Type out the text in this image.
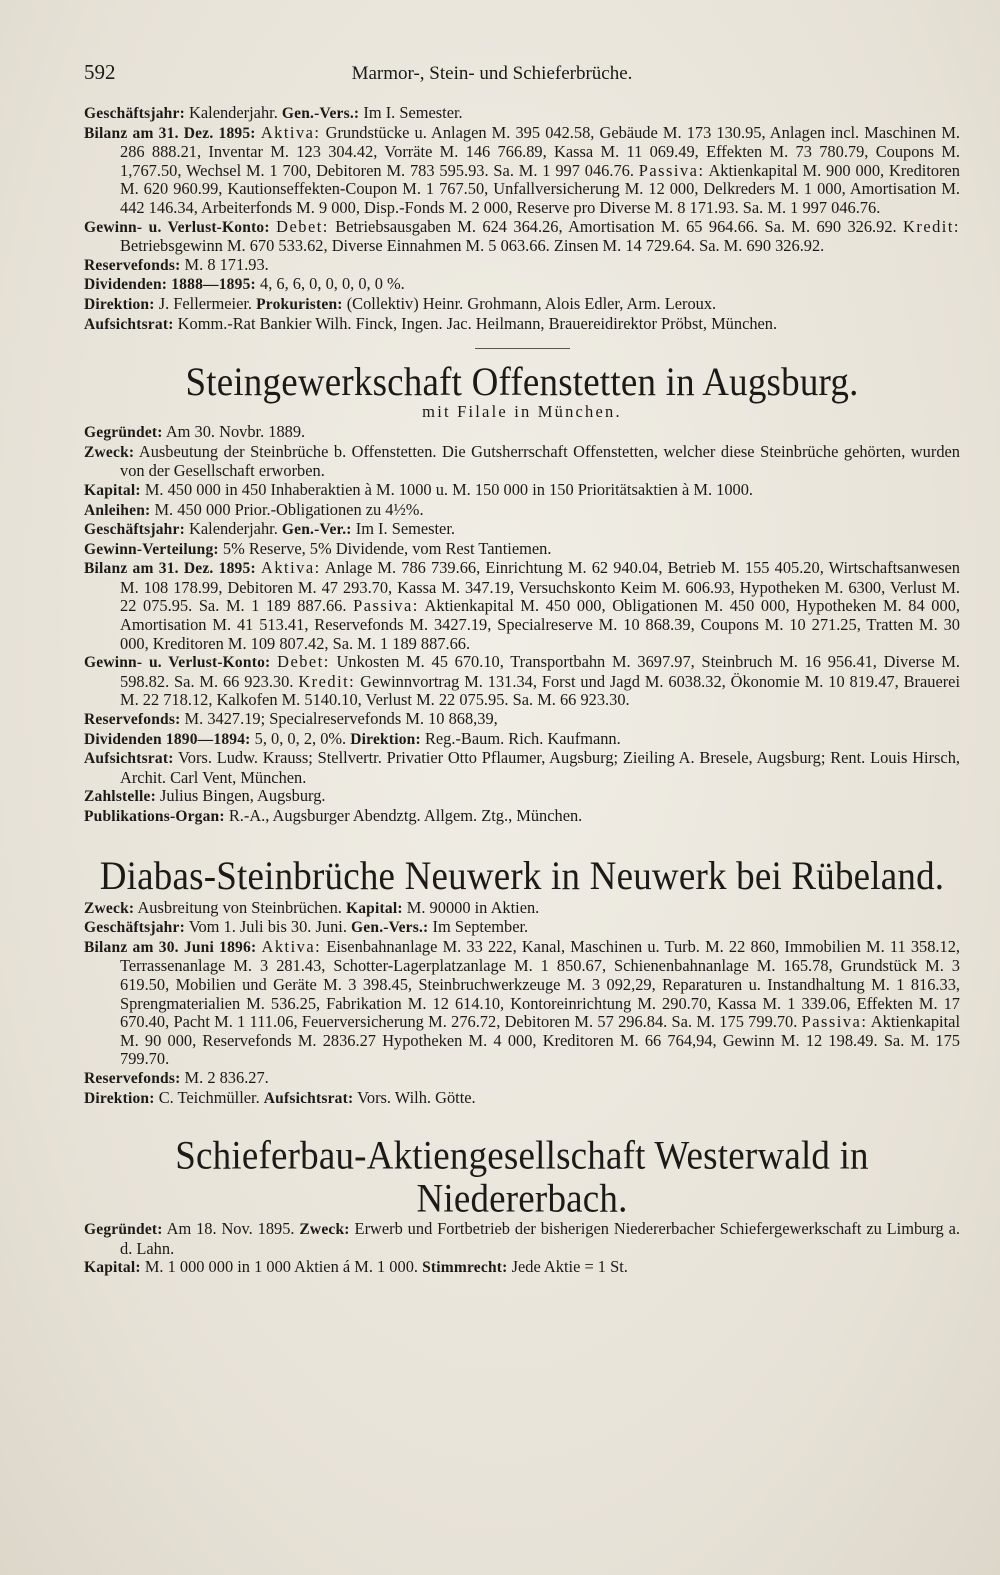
592	Marmor-, Stein- und Schieferbrüche.

Geschäftsjahr: Kalenderjahr. Gen.-Vers.: Im I. Semester.

Bilanz am 31. Dez. 1895: Aktiva: Grundstücke u. Anlagen M. 395 042.58, Gebäude M. 173 130.95, Anlagen incl. Maschinen M. 286 888.21, Inventar M. 123 304.42, Vorräte M. 146 766.89, Kassa M. 11 069.49, Effekten M. 73 780.79, Coupons M. 1,767.50, Wechsel M. 1 700, Debitoren M. 783 595.93. Sa. M. 1 997 046.76. Passiva: Aktienkapital M. 900 000, Kreditoren M. 620 960.99, Kautionseffekten-Coupon M. 1 767.50, Unfallversicherung M. 12 000, Delkreders M. 1 000, Amortisation M. 442 146.34, Arbeiterfonds M. 9 000, Disp.-Fonds M. 2 000, Reserve pro Diverse M. 8 171.93. Sa. M. 1 997 046.76.

Gewinn- u. Verlust-Konto: Debet: Betriebsausgaben M. 624 364.26, Amortisation M. 65 964.66. Sa. M. 690 326.92. Kredit: Betriebsgewinn M. 670 533.62, Diverse Einnahmen M. 5 063.66. Zinsen M. 14 729.64. Sa. M. 690 326.92.

Reservefonds: M. 8 171.93.

Dividenden: 1888—1895: 4, 6, 6, 0, 0, 0, 0, 0 %.

Direktion: J. Fellermeier. Prokuristen: (Collektiv) Heinr. Grohmann, Alois Edler, Arm. Leroux.

Aufsichtsrat: Komm.-Rat Bankier Wilh. Finck, Ingen. Jac. Heilmann, Brauereidirektor Pröbst, München.

Steingewerkschaft Offenstetten in Augsburg.

mit Filale in München.

Gegründet: Am 30. Novbr. 1889.

Zweck: Ausbeutung der Steinbrüche b. Offenstetten. Die Gutsherrschaft Offenstetten, welcher diese Steinbrüche gehörten, wurden von der Gesellschaft erworben.

Kapital: M. 450 000 in 450 Inhaberaktien à M. 1000 u. M. 150 000 in 150 Prioritätsaktien à M. 1000.

Anleihen: M. 450 000 Prior.-Obligationen zu 4½%.

Geschäftsjahr: Kalenderjahr. Gen.-Ver.: Im I. Semester.

Gewinn-Verteilung: 5% Reserve, 5% Dividende, vom Rest Tantiemen.

Bilanz am 31. Dez. 1895: Aktiva: Anlage M. 786 739.66, Einrichtung M. 62 940.04, Betrieb M. 155 405.20, Wirtschaftsanwesen M. 108 178.99, Debitoren M. 47 293.70, Kassa M. 347.19, Versuchskonto Keim M. 606.93, Hypotheken M. 6300, Verlust M. 22 075.95. Sa. M. 1 189 887.66. Passiva: Aktienkapital M. 450 000, Obligationen M. 450 000, Hypotheken M. 84 000, Amortisation M. 41 513.41, Reservefonds M. 3427.19, Specialreserve M. 10 868.39, Coupons M. 10 271.25, Tratten M. 30 000, Kreditoren M. 109 807.42, Sa. M. 1 189 887.66.

Gewinn- u. Verlust-Konto: Debet: Unkosten M. 45 670.10, Transportbahn M. 3697.97, Steinbruch M. 16 956.41, Diverse M. 598.82. Sa. M. 66 923.30. Kredit: Gewinnvortrag M. 131.34, Forst und Jagd M. 6038.32, Ökonomie M. 10 819.47, Brauerei M. 22 718.12, Kalkofen M. 5140.10, Verlust M. 22 075.95. Sa. M. 66 923.30.

Reservefonds: M. 3427.19; Specialreservefonds M. 10 868,39,

Dividenden 1890—1894: 5, 0, 0, 2, 0%. Direktion: Reg.-Baum. Rich. Kaufmann.

Aufsichtsrat: Vors. Ludw. Krauss; Stellvertr. Privatier Otto Pflaumer, Augsburg; Zieiling A. Bresele, Augsburg; Rent. Louis Hirsch, Archit. Carl Vent, München.

Zahlstelle: Julius Bingen, Augsburg.

Publikations-Organ: R.-A., Augsburger Abendztg. Allgem. Ztg., München.

Diabas-Steinbrüche Neuwerk in Neuwerk bei Rübeland.

Zweck: Ausbreitung von Steinbrüchen. Kapital: M. 90000 in Aktien.

Geschäftsjahr: Vom 1. Juli bis 30. Juni. Gen.-Vers.: Im September.

Bilanz am 30. Juni 1896: Aktiva: Eisenbahnanlage M. 33 222, Kanal, Maschinen u. Turb. M. 22 860, Immobilien M. 11 358.12, Terrassenanlage M. 3 281.43, Schotter-Lagerplatzanlage M. 1 850.67, Schienenbahnanlage M. 165.78, Grundstück M. 3 619.50, Mobilien und Geräte M. 3 398.45, Steinbruchwerkzeuge M. 3 092,29, Reparaturen u. Instandhaltung M. 1 816.33, Sprengmaterialien M. 536.25, Fabrikation M. 12 614.10, Kontoreinrichtung M. 290.70, Kassa M. 1 339.06, Effekten M. 17 670.40, Pacht M. 1 111.06, Feuerversicherung M. 276.72, Debitoren M. 57 296.84. Sa. M. 175 799.70. Passiva: Aktienkapital M. 90 000, Reservefonds M. 2836.27 Hypotheken M. 4 000, Kreditoren M. 66 764,94, Gewinn M. 12 198.49. Sa. M. 175 799.70.

Reservefonds: M. 2 836.27.

Direktion: C. Teichmüller. Aufsichtsrat: Vors. Wilh. Götte.

Schieferbau-Aktiengesellschaft Westerwald in Niedererbach.

Gegründet: Am 18. Nov. 1895. Zweck: Erwerb und Fortbetrieb der bisherigen Niedererbacher Schiefergewerkschaft zu Limburg a. d. Lahn.

Kapital: M. 1 000 000 in 1 000 Aktien á M. 1 000. Stimmrecht: Jede Aktie = 1 St.
